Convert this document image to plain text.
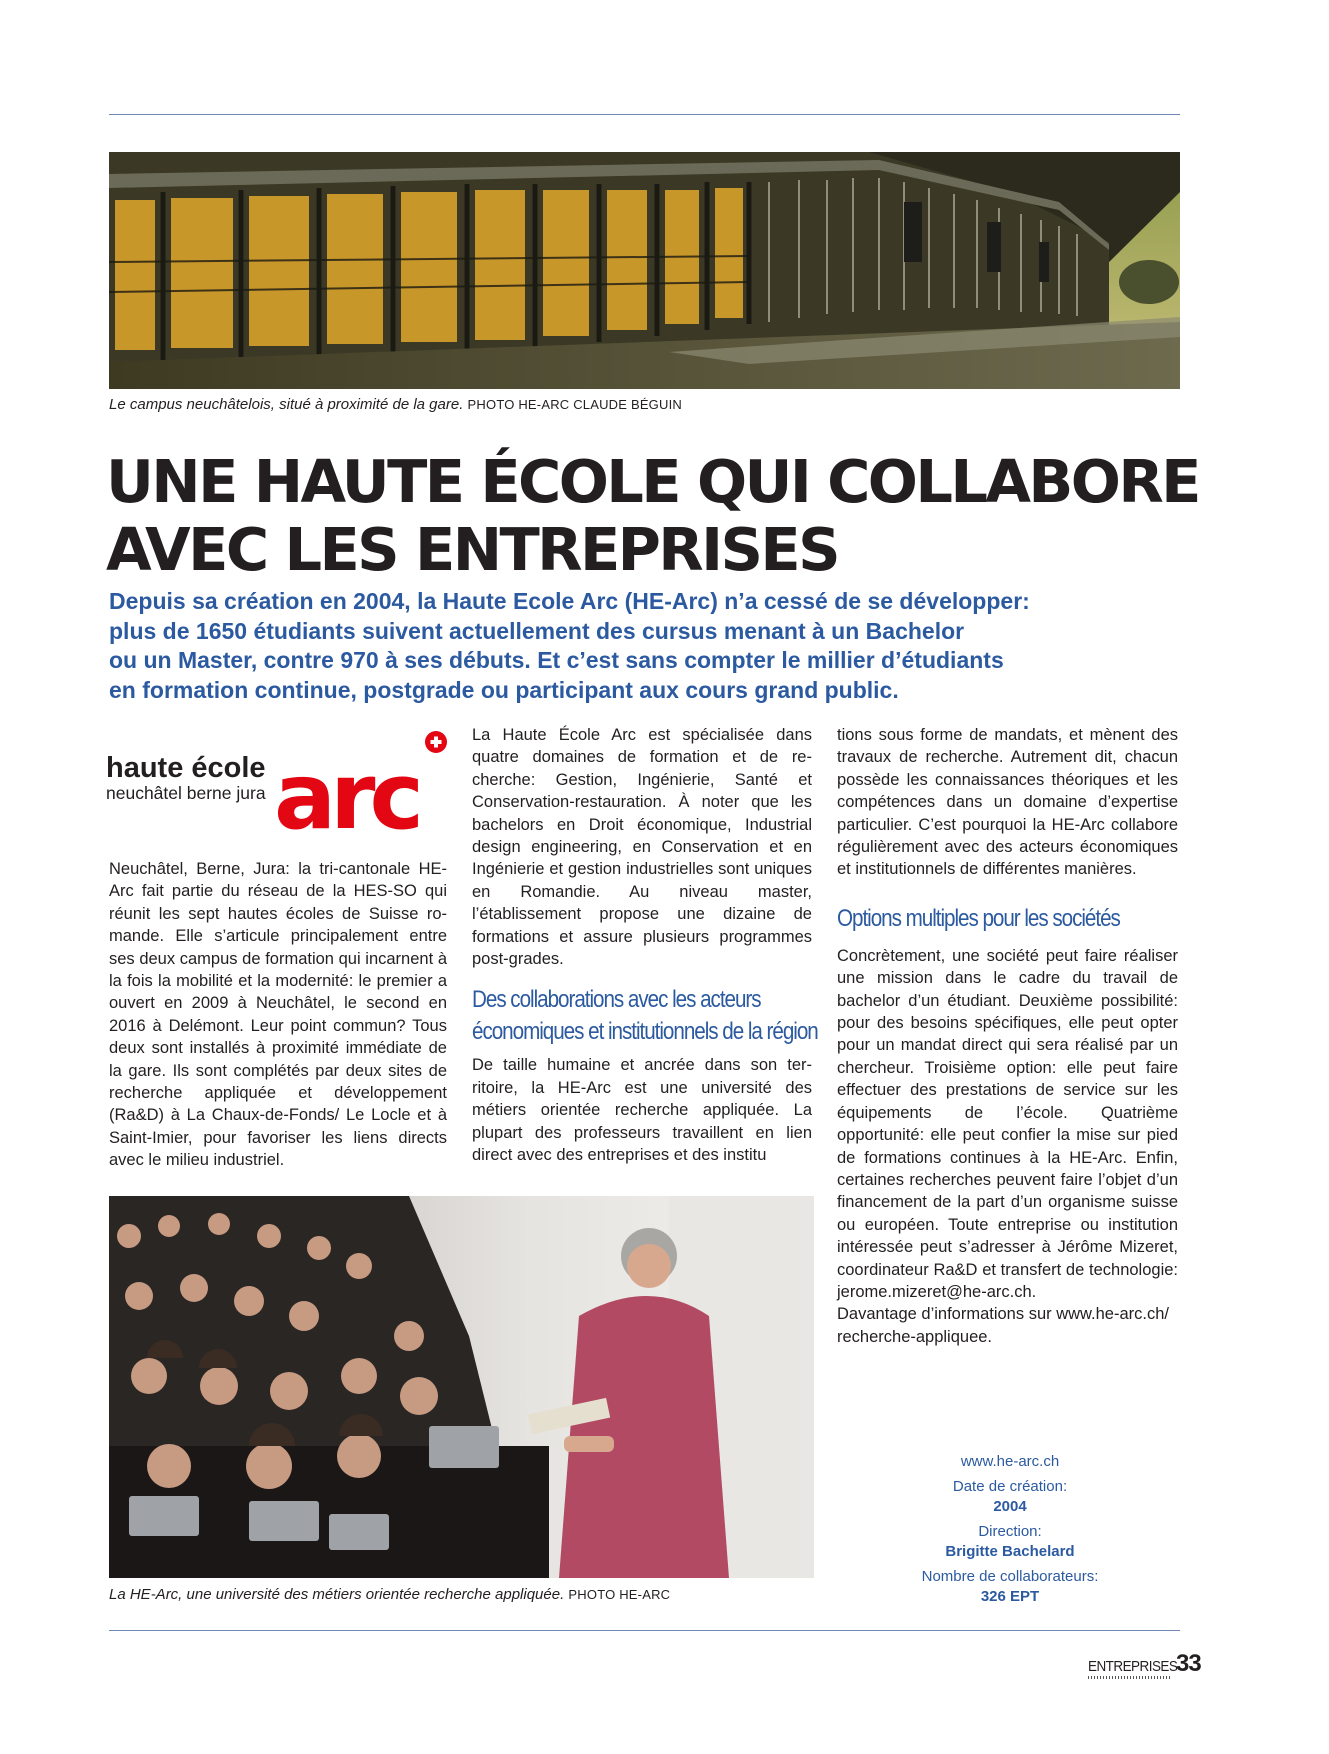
Le campus neuchâtelois, situé à proximité de la gare. PHOTO HE-ARC CLAUDE BÉGUIN
UNE HAUTE ÉCOLE QUI COLLABORE
AVEC LES ENTREPRISES

Depuis sa création en 2004, la Haute Ecole Arc (HE-Arc) n’a cessé de se développer:
plus de 1650 étudiants suivent actuellement des cursus menant à un Bachelor
ou un Master, contre 970 à ses débuts. Et c’est sans compter le millier d’étudiants
en formation continue, postgrade ou participant aux cours grand public.

haute école
neuchâtel berne jura arc

Neuchâtel, Berne, Jura: la tri-cantonale HE-Arc fait partie du réseau de la HES-SO qui réunit les sept hautes écoles de Suisse romande. Elle s’articule principalement entre ses deux campus de formation qui incarnent à la fois la mobilité et la modernité: le premier a ouvert en 2009 à Neuchâtel, le second en 2016 à Delémont. Leur point commun? Tous deux sont installés à proximité immédiate de la gare. Ils sont complétés par deux sites de recherche appliquée et développement (Ra&D) à La Chaux-de-Fonds/ Le Locle et à Saint-Imier, pour favoriser les liens directs avec le milieu industriel.

La Haute École Arc est spécialisée dans quatre domaines de formation et de recherche: Gestion, Ingénierie, Santé et Conservation-restauration. À noter que les bachelors en Droit économique, Industrial design engineering, en Conservation et en Ingénierie et gestion industrielles sont uniques en Romandie. Au niveau master, l’établissement propose une dizaine de formations et assure plusieurs programmes post-grades.

Des collaborations avec les acteurs
économiques et institutionnels de la région

De taille humaine et ancrée dans son territoire, la HE-Arc est une université des métiers orientée recherche appliquée. La plupart des professeurs travaillent en lien direct avec des entreprises et des institu

tions sous forme de mandats, et mènent des travaux de recherche. Autrement dit, chacun possède les connaissances théoriques et les compétences dans un domaine d’expertise particulier. C’est pourquoi la HE-Arc collabore régulièrement avec des acteurs économiques et institutionnels de différentes manières.

Options multiples pour les sociétés

Concrètement, une société peut faire réaliser une mission dans le cadre du travail de bachelor d’un étudiant. Deuxième possibilité: pour des besoins spécifiques, elle peut opter pour un mandat direct qui sera réalisé par un chercheur. Troisième option: elle peut faire effectuer des prestations de service sur les équipements de l’école. Quatrième opportunité: elle peut confier la mise sur pied de formations continues à la HE-Arc. Enfin, certaines recherches peuvent faire l’objet d’un financement de la part d’un organisme suisse ou européen. Toute entreprise ou institution intéressée peut s’adresser à Jérôme Mizeret, coordinateur Ra&D et transfert de technologie: jerome.mizeret@he-arc.ch.

Davantage d’informations sur www.he-arc.ch/
recherche-appliquee.

La HE-Arc, une université des métiers orientée recherche appliquée. PHOTO HE-ARC
www.he-arc.ch
Date de création:
2004
Direction:
Brigitte Bachelard
Nombre de collaborateurs:
326 EPT
ENTREPRISES
33
